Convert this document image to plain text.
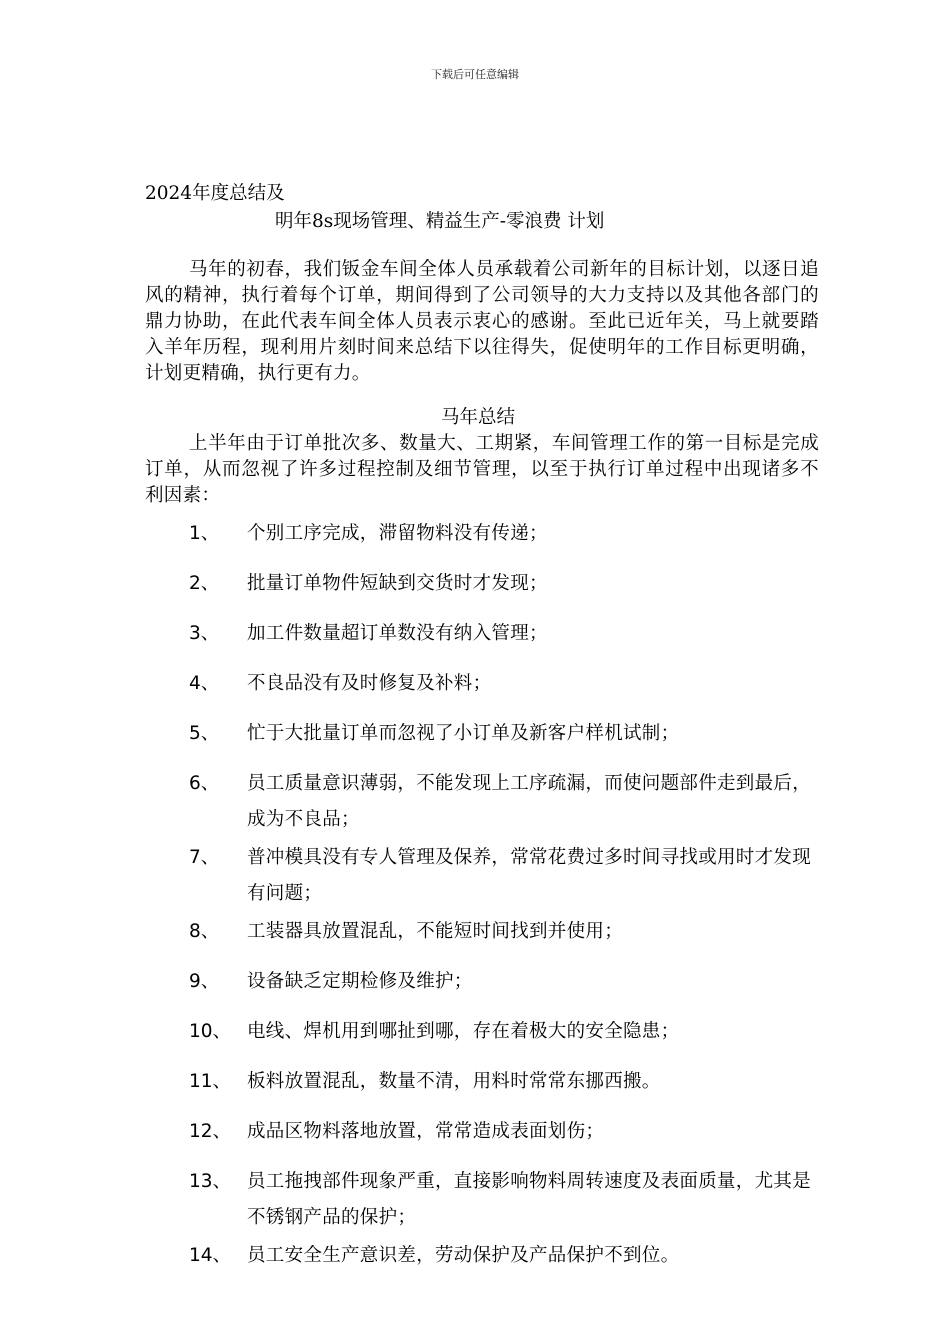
下载后可任意编辑
2024年度总结及
明年8s现场管理、精益生产-零浪费 计划

马年的初春，我们钣金车间全体人员承载着公司新年的目标计划，以逐日追风的精神，执行着每个订单，期间得到了公司领导的大力支持以及其他各部门的鼎力协助，在此代表车间全体人员表示衷心的感谢。至此已近年关，马上就要踏入羊年历程，现利用片刻时间来总结下以往得失，促使明年的工作目标更明确，计划更精确，执行更有力。

马年总结

上半年由于订单批次多、数量大、工期紧，车间管理工作的第一目标是完成订单，从而忽视了许多过程控制及细节管理，以至于执行订单过程中出现诸多不利因素：

1、 个别工序完成，滞留物料没有传递；
2、 批量订单物件短缺到交货时才发现；
3、 加工件数量超订单数没有纳入管理；
4、 不良品没有及时修复及补料；
5、 忙于大批量订单而忽视了小订单及新客户样机试制；
6、 员工质量意识薄弱，不能发现上工序疏漏，而使问题部件走到最后，成为不良品；
7、 普冲模具没有专人管理及保养，常常花费过多时间寻找或用时才发现有问题；
8、 工装器具放置混乱，不能短时间找到并使用；
9、 设备缺乏定期检修及维护；
10、 电线、焊机用到哪扯到哪，存在着极大的安全隐患；
11、 板料放置混乱，数量不清，用料时常常东挪西搬。
12、 成品区物料落地放置，常常造成表面划伤；
13、 员工拖拽部件现象严重，直接影响物料周转速度及表面质量，尤其是不锈钢产品的保护；
14、 员工安全生产意识差，劳动保护及产品保护不到位。
